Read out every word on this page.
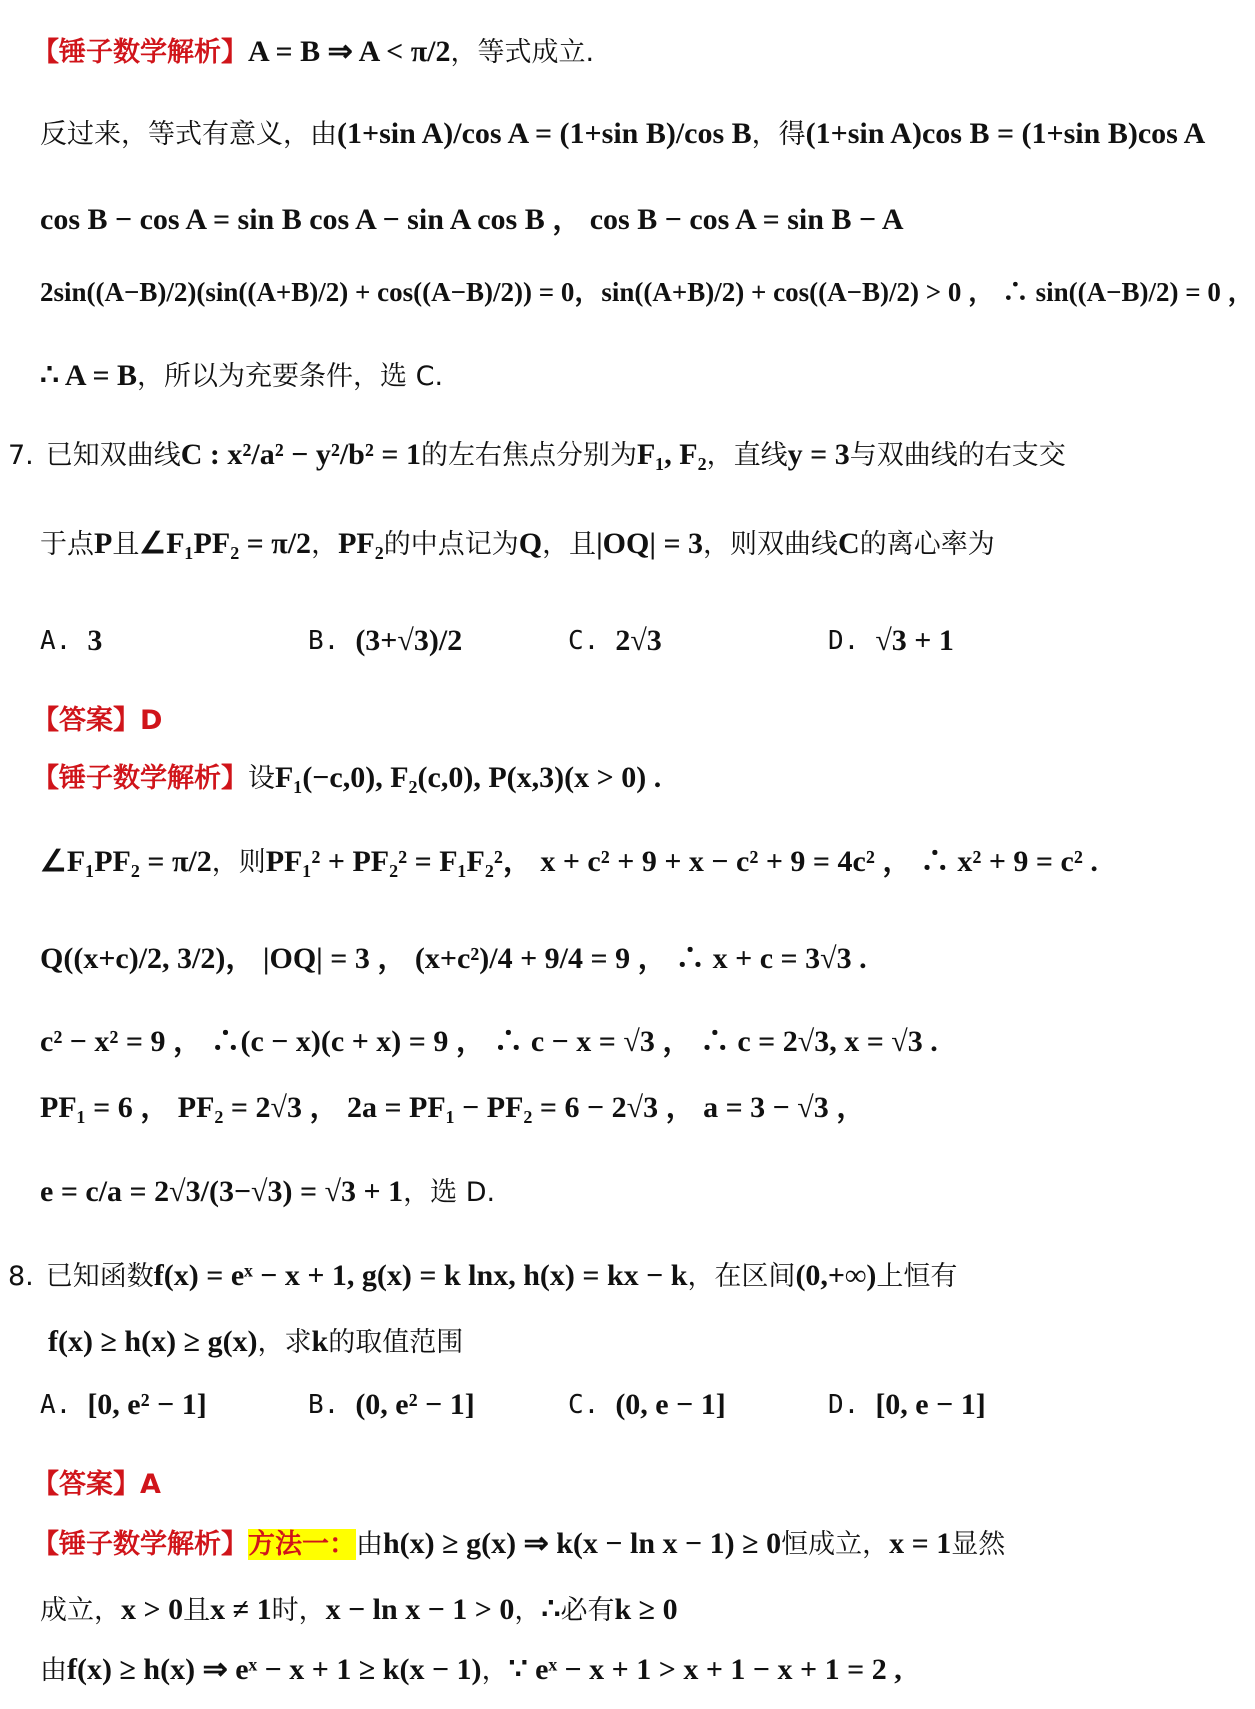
【锤子数学解析】 A = B ⇒ A < π/2 ，等式成立.
反过来，等式有意义，由 (1+sin A)/cos A = (1+sin B)/cos B ，得 (1+sin A)cos B = (1+sin B)cos A
cos B − cos A = sin B cos A − sin A cos B ， cos B − cos A = sin B − A
2sin((A−B)/2)(sin((A+B)/2) + cos((A−B)/2)) = 0，sin((A+B)/2) + cos((A−B)/2) > 0 ， ∴ sin((A−B)/2) = 0 ，
∴ A = B ，所以为充要条件，选 C.
7. 已知双曲线 C : x²/a² − y²/b² = 1 的左右焦点分别为 F₁, F₂ ，直线 y = 3 与双曲线的右支交
于点 P 且 ∠F₁PF₂ = π/2 ， PF₂ 的中点记为 Q ，且 |OQ| = 3 ，则双曲线 C 的离心率为
A. 3	B. (3+√3)/2	C. 2√3	D. √3 + 1
【答案】 D
【锤子数学解析】 设 F₁(−c,0), F₂(c,0), P(x,3)(x > 0) .
∠F₁PF₂ = π/2 ，则 PF₁² + PF₂² = F₁F₂²， x + c² + 9 + x − c² + 9 = 4c² ， ∴ x² + 9 = c² .
Q((x+c)/2, 3/2)， |OQ| = 3 ， (x+c²)/4 + 9/4 = 9 ， ∴ x + c = 3√3 .
c² − x² = 9 ， ∴(c − x)(c + x) = 9 ， ∴ c − x = √3 ， ∴ c = 2√3, x = √3 .
PF₁ = 6 ， PF₂ = 2√3 ， 2a = PF₁ − PF₂ = 6 − 2√3 ， a = 3 − √3 ，
e = c/a = 2√3/(3−√3) = √3 + 1 ，选 D.
8. 已知函数 f(x) = eˣ − x + 1, g(x) = k lnx, h(x) = kx − k ，在区间 (0,+∞) 上恒有
f(x) ≥ h(x) ≥ g(x) ，求 k 的取值范围
A. [0, e² − 1]	B. (0, e² − 1]	C. (0, e − 1]	D. [0, e − 1]
【答案】 A
【锤子数学解析】 方法一： 由 h(x) ≥ g(x) ⇒ k(x − ln x − 1) ≥ 0 恒成立， x = 1 显然
成立， x > 0 且 x ≠ 1 时， x − ln x − 1 > 0 ， ∴ 必有 k ≥ 0
由 f(x) ≥ h(x) ⇒ eˣ − x + 1 ≥ k(x − 1) ， ∵ eˣ − x + 1 > x + 1 − x + 1 = 2 ,
